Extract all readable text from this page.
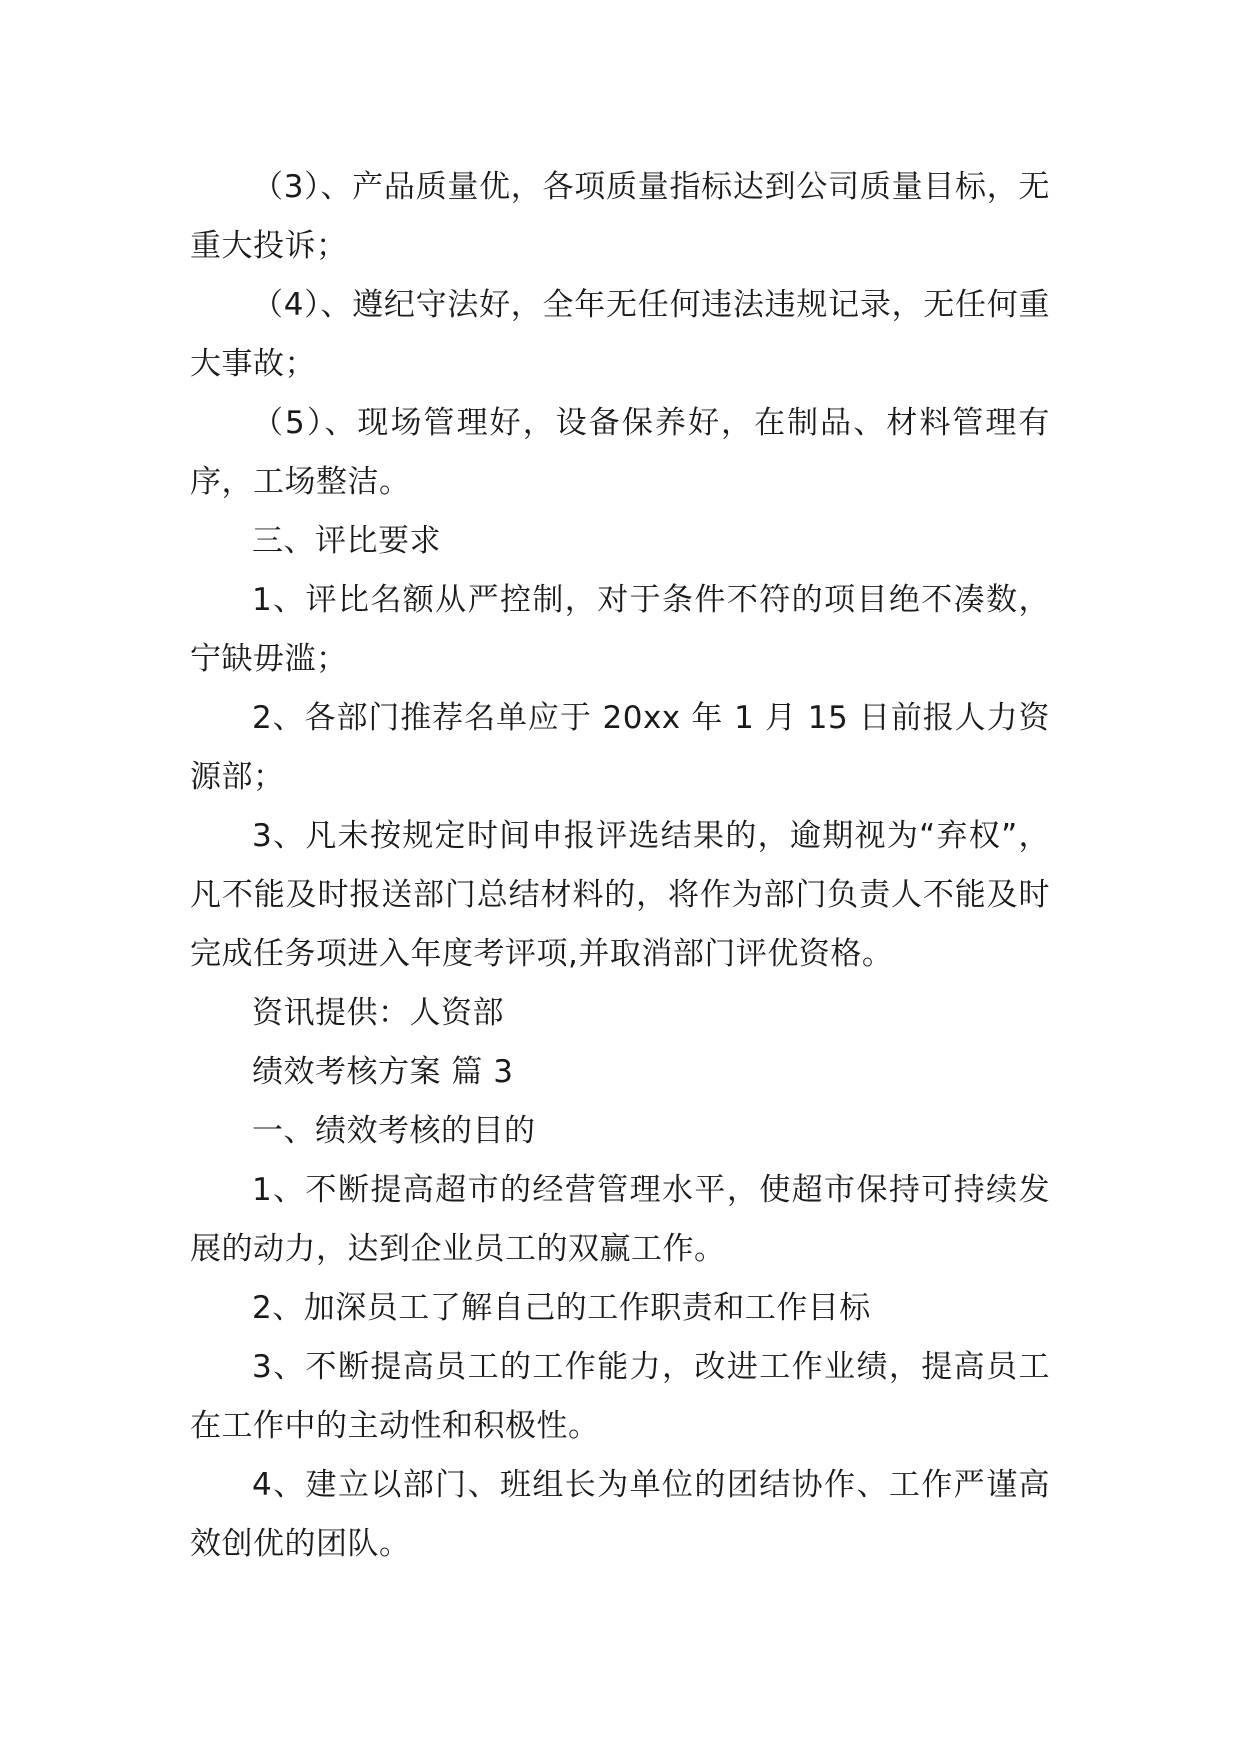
（3）、产品质量优，各项质量指标达到公司质量目标，无重大投诉；

（4）、遵纪守法好，全年无任何违法违规记录，无任何重大事故；

（5）、现场管理好，设备保养好，在制品、材料管理有序，工场整洁。

三、评比要求

1、评比名额从严控制，对于条件不符的项目绝不凑数，宁缺毋滥；

2、各部门推荐名单应于 20xx 年 1 月 15 日前报人力资源部；

3、凡未按规定时间申报评选结果的，逾期视为“弃权”，凡不能及时报送部门总结材料的，将作为部门负责人不能及时完成任务项进入年度考评项,并取消部门评优资格。

资讯提供：人资部

绩效考核方案 篇 3

一、绩效考核的目的

1、不断提高超市的经营管理水平，使超市保持可持续发展的动力，达到企业员工的双赢工作。

2、加深员工了解自己的工作职责和工作目标

3、不断提高员工的工作能力，改进工作业绩，提高员工在工作中的主动性和积极性。

4、建立以部门、班组长为单位的团结协作、工作严谨高效创优的团队。
